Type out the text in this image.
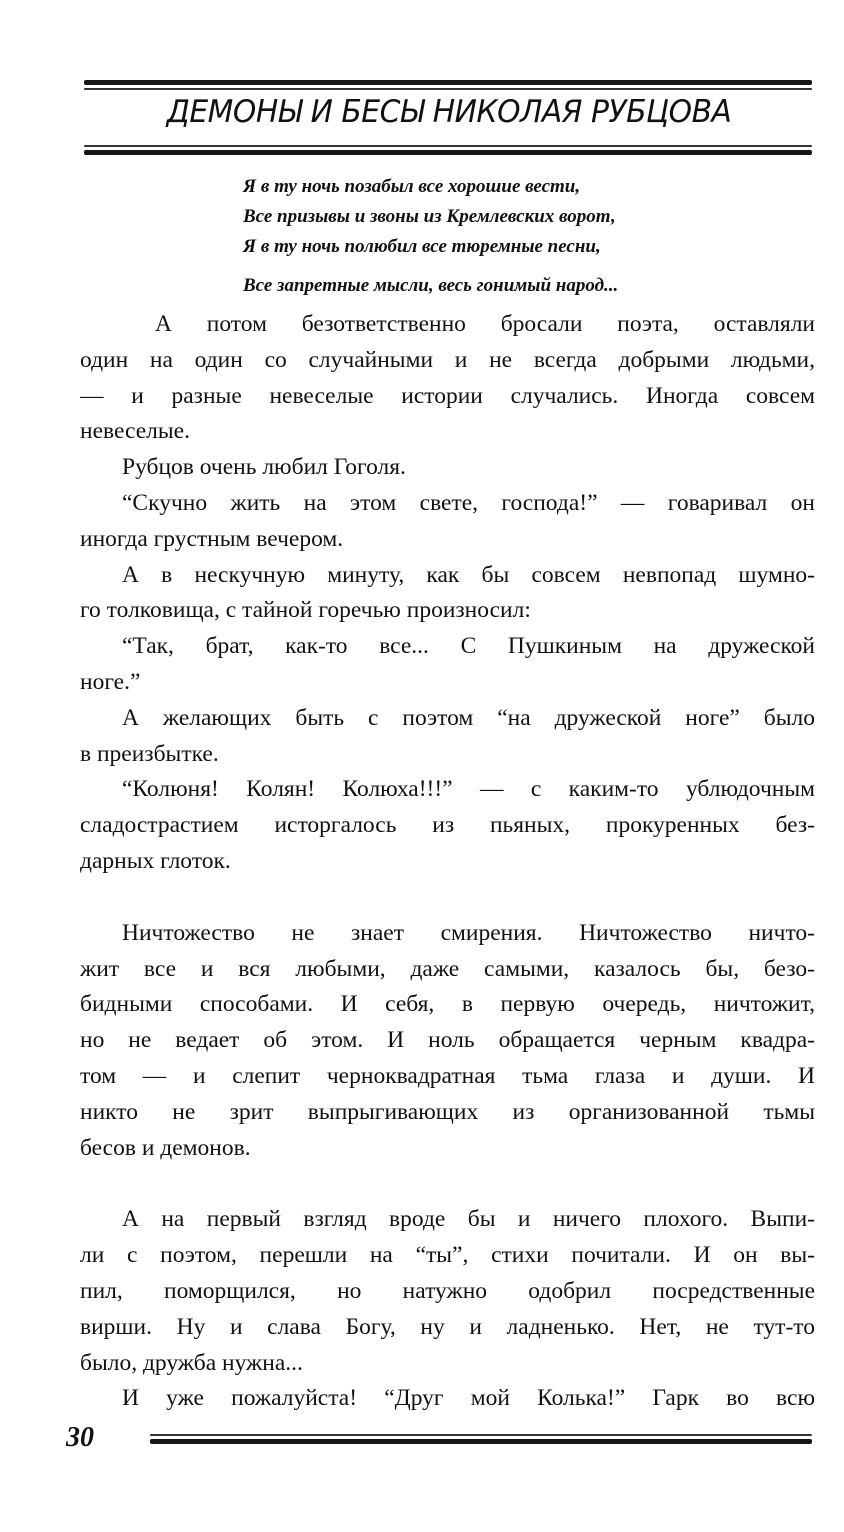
ДЕМОНЫ И БЕСЫ НИКОЛАЯ РУБЦОВА
Я в ту ночь позабыл все хорошие вести,
Все призывы и звоны из Кремлевских ворот,
Я в ту ночь полюбил все тюремные песни,
Все запретные мысли, весь гонимый народ...
А потом безответственно бросали поэта, оставляли
один на один со случайными и не всегда добрыми людьми,
— и разные невеселые истории случались. Иногда совсем
невеселые.
Рубцов очень любил Гоголя.
“Скучно жить на этом свете, господа!” — говаривал он
иногда грустным вечером.
А в нескучную минуту, как бы совсем невпопад шумно-
го толковища, с тайной горечью произносил:
“Так, брат, как-то все... С Пушкиным на дружеской
ноге.”
А желающих быть с поэтом “на дружеской ноге” было
в преизбытке.
“Колюня! Колян! Колюха!!!” — с каким-то ублюдочным
сладострастием исторгалось из пьяных, прокуренных без-
дарных глоток.
Ничтожество не знает смирения. Ничтожество ничто-
жит все и вся любыми, даже самыми, казалось бы, безо-
бидными способами. И себя, в первую очередь, ничтожит,
но не ведает об этом. И ноль обращается черным квадра-
том — и слепит черноквадратная тьма глаза и души. И
никто не зрит выпрыгивающих из организованной тьмы
бесов и демонов.
А на первый взгляд вроде бы и ничего плохого. Выпи-
ли с поэтом, перешли на “ты”, стихи почитали. И он вы-
пил, поморщился, но натужно одобрил посредственные
вирши. Ну и слава Богу, ну и ладненько. Нет, не тут-то
было, дружба нужна...
И уже пожалуйста! “Друг мой Колька!” Гарк во всю
30
